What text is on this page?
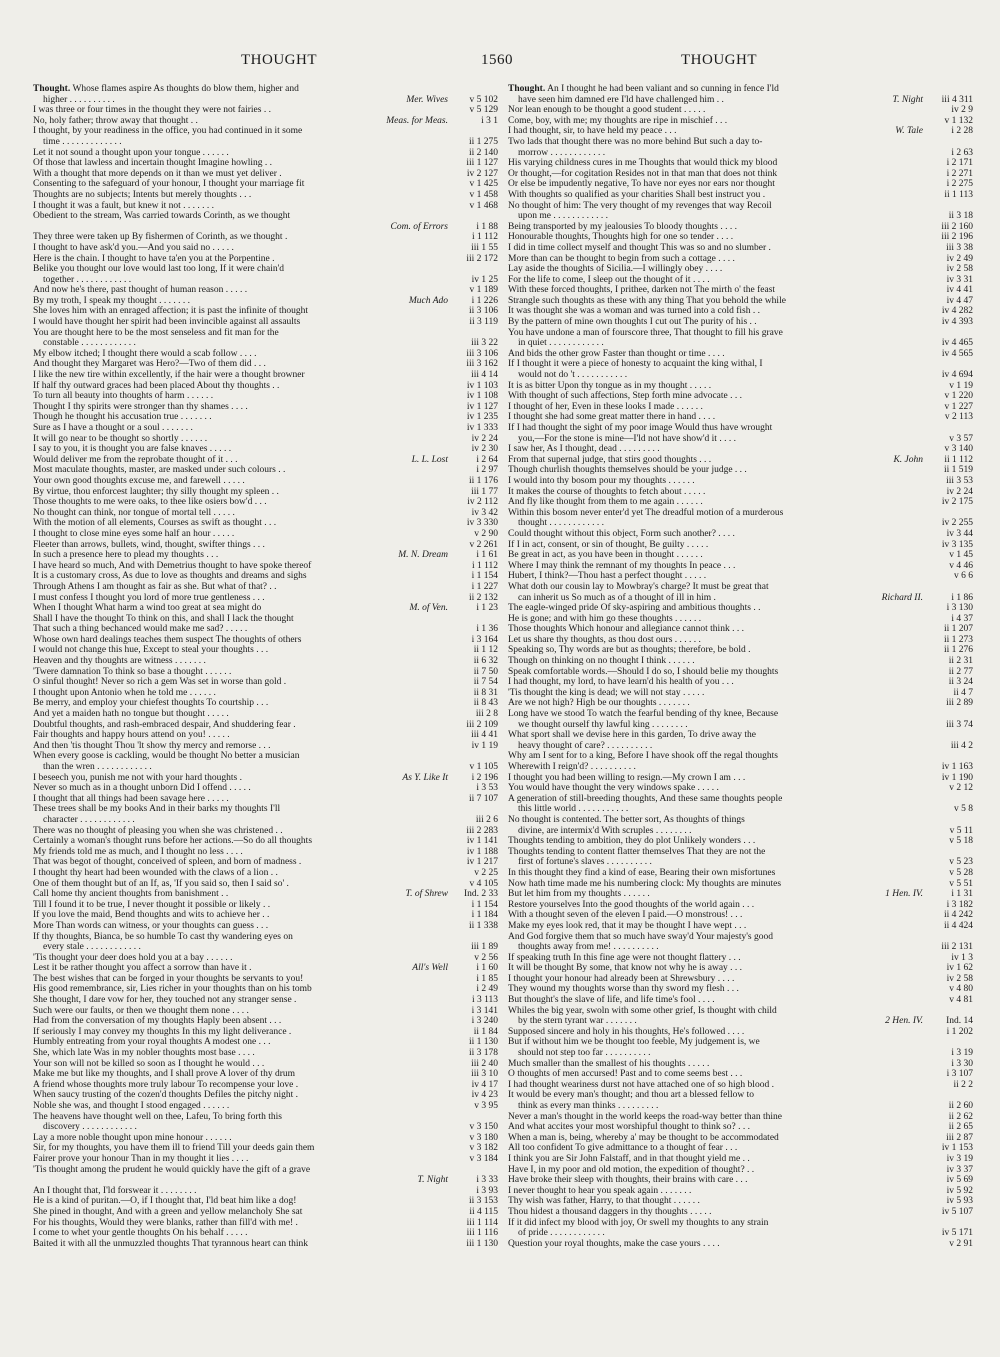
THOUGHT	1560	THOUGHT
Thought. Whose flames aspire As thoughts do blow them, higher and
higher . . . . . . . . . .	Mer. Wives	v 5 102
I was three or four times in the thought they were not fairies . .	v 5 129
No, holy father; throw away that thought . .	Meas. for Meas.	i 3 1
I thought, by your readiness in the office, you had continued in it some
time . . . . . . . . . . . . .	ii 1 275
Let it not sound a thought upon your tongue . . . . . .	ii 2 140
Of those that lawless and incertain thought Imagine howling . .	iii 1 127
With a thought that more depends on it than we must yet deliver .	iv 2 127
Consenting to the safeguard of your honour, I thought your marriage fit	v 1 425
Thoughts are no subjects; Intents but merely thoughts . . .	v 1 458
I thought it was a fault, but knew it not . . . . . . .	v 1 468
Obedient to the stream, Was carried towards Corinth, as we thought
Com. of Errors	i 1 88
They three were taken up By fishermen of Corinth, as we thought .	i 1 112
I thought to have ask'd you.—And you said no . . . . .	iii 1 55
Here is the chain. I thought to have ta'en you at the Porpentine .	iii 2 172
Belike you thought our love would last too long, If it were chain'd
together . . . . . . . . . . . .	iv 1 25
And now he's there, past thought of human reason . . . . .	v 1 189
By my troth, I speak my thought . . . . . . .	Much Ado	i 1 226
She loves him with an enraged affection; it is past the infinite of thought	ii 3 106
I would have thought her spirit had been invincible against all assaults	ii 3 119
You are thought here to be the most senseless and fit man for the
constable . . . . . . . . . . . .	iii 3 22
My elbow itched; I thought there would a scab follow . . . .	iii 3 106
And thought they Margaret was Hero?—Two of them did . . .	iii 3 162
I like the new tire within excellently, if the hair were a thought browner	iii 4 14
If half thy outward graces had been placed About thy thoughts . .	iv 1 103
To turn all beauty into thoughts of harm . . . . . .	iv 1 108
Thought I thy spirits were stronger than thy shames . . . .	iv 1 127
Though he thought his accusation true . . . . . . .	iv 1 235
Sure as I have a thought or a soul . . . . . . .	iv 1 333
It will go near to be thought so shortly . . . . . .	iv 2 24
I say to you, it is thought you are false knaves . . . . .	iv 2 30
Would deliver me from the reprobate thought of it . . .	L. L. Lost	i 2 64
Most maculate thoughts, master, are masked under such colours . .	i 2 97
Your own good thoughts excuse me, and farewell . . . . .	ii 1 176
By virtue, thou enforcest laughter; thy silly thought my spleen . .	iii 1 77
Those thoughts to me were oaks, to thee like osiers bow'd . . .	iv 2 112
No thought can think, nor tongue of mortal tell . . . . .	iv 3 42
With the motion of all elements, Courses as swift as thought . . .	iv 3 330
I thought to close mine eyes some half an hour . . . . .	v 2 90
Fleeter than arrows, bullets, wind, thought, swifter things . . .	v 2 261
In such a presence here to plead my thoughts . . .	M. N. Dream	i 1 61
I have heard so much, And with Demetrius thought to have spoke thereof	i 1 112
It is a customary cross, As due to love as thoughts and dreams and sighs	i 1 154
Through Athens I am thought as fair as she. But what of that? . .	i 1 227
I must confess I thought you lord of more true gentleness . . .	ii 2 132
When I thought What harm a wind too great at sea might do	M. of Ven.	i 1 23
Shall I have the thought To think on this, and shall I lack the thought
That such a thing bechanced would make me sad? . . . . .	i 1 36
Whose own hard dealings teaches them suspect The thoughts of others	i 3 164
I would not change this hue, Except to steal your thoughts . . .	ii 1 12
Heaven and thy thoughts are witness . . . . . . .	ii 6 32
'Twere damnation To think so base a thought . . . . . .	ii 7 50
O sinful thought! Never so rich a gem Was set in worse than gold .	ii 7 54
I thought upon Antonio when he told me . . . . . .	ii 8 31
Be merry, and employ your chiefest thoughts To courtship . . .	ii 8 43
And yet a maiden hath no tongue but thought . . . . .	iii 2 8
Doubtful thoughts, and rash-embraced despair, And shuddering fear .	iii 2 109
Fair thoughts and happy hours attend on you! . . . . .	iii 4 41
And then 'tis thought Thou 'lt show thy mercy and remorse . . .	iv 1 19
When every goose is cackling, would be thought No better a musician
than the wren . . . . . . . . . . . .	v 1 105
I beseech you, punish me not with your hard thoughts .	As Y. Like It	i 2 196
Never so much as in a thought unborn Did I offend . . . . .	i 3 53
I thought that all things had been savage here . . . . .	ii 7 107
These trees shall be my books And in their barks my thoughts I'll
character . . . . . . . . . . . .	iii 2 6
There was no thought of pleasing you when she was christened . .	iii 2 283
Certainly a woman's thought runs before her actions.—So do all thoughts	iv 1 141
My friends told me as much, and I thought no less . . . .	iv 1 188
That was begot of thought, conceived of spleen, and born of madness .	iv 1 217
I thought thy heart had been wounded with the claws of a lion . .	v 2 25
One of them thought but of an If, as, 'If you said so, then I said so' .	v 4 105
Call home thy ancient thoughts from banishment . .	T. of Shrew	Ind. 2 33
Till I found it to be true, I never thought it possible or likely . .	i 1 154
If you love the maid, Bend thoughts and wits to achieve her . .	i 1 184
More Than words can witness, or your thoughts can guess . . .	ii 1 338
If thy thoughts, Bianca, be so humble To cast thy wandering eyes on
every stale . . . . . . . . . . . .	iii 1 89
'Tis thought your deer does hold you at a bay . . . . . .	v 2 56
Lest it be rather thought you affect a sorrow than have it .	All's Well	i 1 60
The best wishes that can be forged in your thoughts be servants to you!	i 1 85
His good remembrance, sir, Lies richer in your thoughts than on his tomb	i 2 49
She thought, I dare vow for her, they touched not any stranger sense .	i 3 113
Such were our faults, or then we thought them none . . . .	i 3 141
Had from the conversation of my thoughts Haply been absent . . .	i 3 240
If seriously I may convey my thoughts In this my light deliverance .	ii 1 84
Humbly entreating from your royal thoughts A modest one . . .	ii 1 130
She, which late Was in my nobler thoughts most base . . . .	ii 3 178
Your son will not be killed so soon as I thought he would . . .	iii 2 40
Make me but like my thoughts, and I shall prove A lover of thy drum	iii 3 10
A friend whose thoughts more truly labour To recompense your love .	iv 4 17
When saucy trusting of the cozen'd thoughts Defiles the pitchy night .	iv 4 23
Noble she was, and thought I stood engaged . . . . . .	v 3 95
The heavens have thought well on thee, Lafeu, To bring forth this
discovery . . . . . . . . . . . .	v 3 150
Lay a more noble thought upon mine honour . . . . . .	v 3 180
Sir, for my thoughts, you have them ill to friend Till your deeds gain them	v 3 182
Fairer prove your honour Than in my thought it lies . . . .	v 3 184
'Tis thought among the prudent he would quickly have the gift of a grave
T. Night	i 3 33
An I thought that, I'ld forswear it . . . . . . . .	i 3 93
He is a kind of puritan.—O, if I thought that, I'ld beat him like a dog!	ii 3 153
She pined in thought, And with a green and yellow melancholy She sat	ii 4 115
For his thoughts, Would they were blanks, rather than fill'd with me! .	iii 1 114
I come to whet your gentle thoughts On his behalf . . . . .	iii 1 116
Baited it with all the unmuzzled thoughts That tyrannous heart can think	iii 1 130
Thought. An I thought he had been valiant and so cunning in fence I'ld
have seen him damned ere I'ld have challenged him . .	T. Night	iii 4 311
Nor lean enough to be thought a good student . . . . .	iv 2 9
Come, boy, with me; my thoughts are ripe in mischief . . .	v 1 132
I had thought, sir, to have held my peace . . .	W. Tale	i 2 28
Two lads that thought there was no more behind But such a day to-
morrow . . . . . . . . . . . .	i 2 63
His varying childness cures in me Thoughts that would thick my blood	i 2 171
Or thought,—for cogitation Resides not in that man that does not think	i 2 271
Or else be impudently negative, To have nor eyes nor ears nor thought	i 2 275
With thoughts so qualified as your charities Shall best instruct you .	ii 1 113
No thought of him: The very thought of my revenges that way Recoil
upon me . . . . . . . . . . . .	ii 3 18
Being transported by my jealousies To bloody thoughts . . . .	iii 2 160
Honourable thoughts, Thoughts high for one so tender . . . .	iii 2 196
I did in time collect myself and thought This was so and no slumber .	iii 3 38
More than can be thought to begin from such a cottage . . . .	iv 2 49
Lay aside the thoughts of Sicilia.—I willingly obey . . . .	iv 2 58
For the life to come, I sleep out the thought of it . . . .	iv 3 31
With these forced thoughts, I prithee, darken not The mirth o' the feast	iv 4 41
Strangle such thoughts as these with any thing That you behold the while	iv 4 47
It was thought she was a woman and was turned into a cold fish . .	iv 4 282
By the pattern of mine own thoughts I cut out The purity of his . .	iv 4 393
You have undone a man of fourscore three, That thought to fill his grave
in quiet . . . . . . . . . . . .	iv 4 465
And bids the other grow Faster than thought or time . . . .	iv 4 565
If I thought it were a piece of honesty to acquaint the king withal, I
would not do 't . . . . . . . . . . .	iv 4 694
It is as bitter Upon thy tongue as in my thought . . . . .	v 1 19
With thought of such affections, Step forth mine advocate . . .	v 1 220
I thought of her, Even in these looks I made . . . . . .	v 1 227
I thought she had some great matter there in hand . . . .	v 2 113
If I had thought the sight of my poor image Would thus have wrought
you,—For the stone is mine—I'ld not have show'd it . . . .	v 3 57
I saw her, As I thought, dead . . . . . . . . .	v 3 140
From that supernal judge, that stirs good thoughts . . .	K. John	ii 1 112
Though churlish thoughts themselves should be your judge . . .	ii 1 519
I would into thy bosom pour my thoughts . . . . . .	iii 3 53
It makes the course of thoughts to fetch about . . . . .	iv 2 24
And fly like thought from them to me again . . . . . .	iv 2 175
Within this bosom never enter'd yet The dreadful motion of a murderous
thought . . . . . . . . . . . .	iv 2 255
Could thought without this object, Form such another? . . . .	iv 3 44
If I in act, consent, or sin of thought, Be guilty . . . . .	iv 3 135
Be great in act, as you have been in thought . . . . . .	v 1 45
Where I may think the remnant of my thoughts In peace . . .	v 4 46
Hubert, I think?—Thou hast a perfect thought . . . . .	v 6 6
What doth our cousin lay to Mowbray's charge? It must be great that
can inherit us So much as of a thought of ill in him .	Richard II.	i 1 86
The eagle-winged pride Of sky-aspiring and ambitious thoughts . .	i 3 130
He is gone; and with him go these thoughts . . . . . .	i 4 37
Those thoughts Which honour and allegiance cannot think . . .	ii 1 207
Let us share thy thoughts, as thou dost ours . . . . . .	ii 1 273
Speaking so, Thy words are but as thoughts; therefore, be bold .	ii 1 276
Though on thinking on no thought I think . . . . . .	ii 2 31
Speak comfortable words.—Should I do so, I should belie my thoughts	ii 2 77
I had thought, my lord, to have learn'd his health of you . . .	ii 3 24
'Tis thought the king is dead; we will not stay . . . . .	ii 4 7
Are we not high? High be our thoughts . . . . . . .	iii 2 89
Long have we stood To watch the fearful bending of thy knee, Because
we thought ourself thy lawful king . . . . . . . .	iii 3 74
What sport shall we devise here in this garden, To drive away the
heavy thought of care? . . . . . . . . . .	iii 4 2
Why am I sent for to a king, Before I have shook off the regal thoughts
Wherewith I reign'd? . . . . . . . . . .	iv 1 163
I thought you had been willing to resign.—My crown I am . . .	iv 1 190
You would have thought the very windows spake . . . . .	v 2 12
A generation of still-breeding thoughts, And these same thoughts people
this little world . . . . . . . . . . .	v 5 8
No thought is contented. The better sort, As thoughts of things
divine, are intermix'd With scruples . . . . . . . .	v 5 11
Thoughts tending to ambition, they do plot Unlikely wonders . . .	v 5 18
Thoughts tending to content flatter themselves That they are not the
first of fortune's slaves . . . . . . . . . .	v 5 23
In this thought they find a kind of ease, Bearing their own misfortunes	v 5 28
Now hath time made me his numbering clock: My thoughts are minutes	v 5 51
But let him from my thoughts . . . . . .	1 Hen. IV.	i 1 31
Restore yourselves Into the good thoughts of the world again . . .	i 3 182
With a thought seven of the eleven I paid.—O monstrous! . . .	ii 4 242
Make my eyes look red, that it may be thought I have wept . . .	ii 4 424
And God forgive them that so much have sway'd Your majesty's good
thoughts away from me! . . . . . . . . . .	iii 2 131
If speaking truth In this fine age were not thought flattery . . .	iv 1 3
It will be thought By some, that know not why he is away . . .	iv 1 62
I thought your honour had already been at Shrewsbury . . . .	iv 2 58
They wound my thoughts worse than thy sword my flesh . . .	v 4 80
But thought's the slave of life, and life time's fool . . . .	v 4 81
Whiles the big year, swoln with some other grief, Is thought with child
by the stern tyrant war . . . . . . .	2 Hen. IV.	Ind. 14
Supposed sincere and holy in his thoughts, He's followed . . . .	i 1 202
But if without him we be thought too feeble, My judgement is, we
should not step too far . . . . . . . . . .	i 3 19
Much smaller than the smallest of his thoughts . . . . .	i 3 30
O thoughts of men accursed! Past and to come seems best . . .	i 3 107
I had thought weariness durst not have attached one of so high blood .	ii 2 2
It would be every man's thought; and thou art a blessed fellow to
think as every man thinks . . . . . . . . .	ii 2 60
Never a man's thought in the world keeps the road-way better than thine	ii 2 62
And what accites your most worshipful thought to think so? . . .	ii 2 65
When a man is, being, whereby a' may be thought to be accommodated	iii 2 87
All too confident To give admittance to a thought of fear . . .	iv 1 153
I think you are Sir John Falstaff, and in that thought yield me . .	iv 3 19
Have I, in my poor and old motion, the expedition of thought? . .	iv 3 37
Have broke their sleep with thoughts, their brains with care . . .	iv 5 69
I never thought to hear you speak again . . . . . . .	iv 5 92
Thy wish was father, Harry, to that thought . . . . . .	iv 5 93
Thou hidest a thousand daggers in thy thoughts . . . . .	iv 5 107
If it did infect my blood with joy, Or swell my thoughts to any strain
of pride . . . . . . . . . . . .	iv 5 171
Question your royal thoughts, make the case yours . . . .	v 2 91
